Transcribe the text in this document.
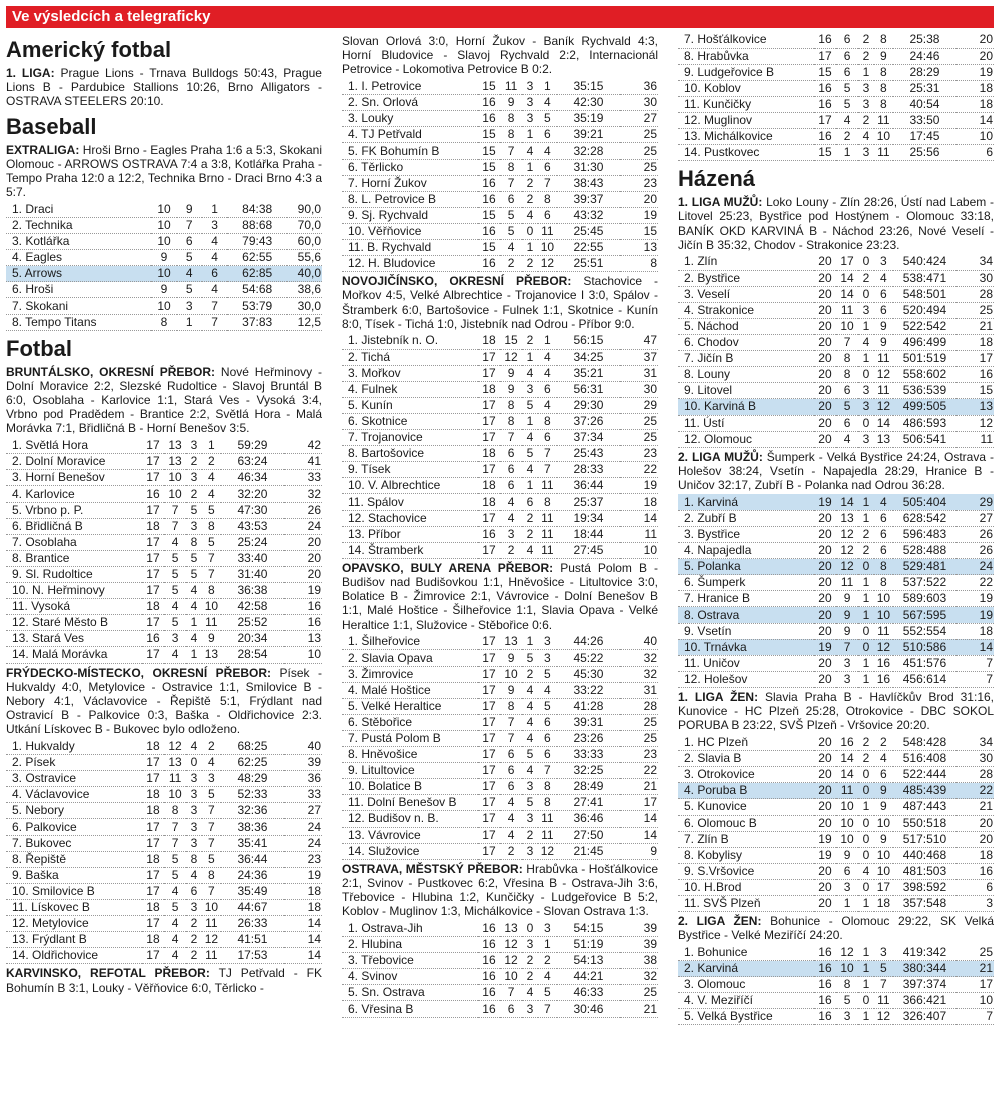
Ve výsledcích a telegraficky
Americký fotbal
1. LIGA: Prague Lions - Trnava Bulldogs 50:43, Prague Lions B - Pardubice Stallions 10:26, Brno Alligators - OSTRAVA STEELERS 20:10.
Baseball
EXTRALIGA: Hroši Brno - Eagles Praha 1:6 a 5:3, Skokani Olomouc - ARROWS OSTRAVA 7:4 a 3:8, Kotlářka Praha - Tempo Praha 12:0 a 12:2, Technika Brno - Draci Brno 4:3 a 5:7.
1. Draci	10	9	1	84:38	90,0
2. Technika	10	7	3	88:68	70,0
3. Kotlářka	10	6	4	79:43	60,0
4. Eagles	9	5	4	62:55	55,6
5. Arrows	10	4	6	62:85	40,0
6. Hroši	9	5	4	54:68	38,6
7. Skokani	10	3	7	53:79	30,0
8. Tempo Titans	8	1	7	37:83	12,5
Fotbal
BRUNTÁLSKO, OKRESNÍ PŘEBOR: Nové Heřminovy - Dolní Moravice 2:2, Slezské Rudoltice - Slavoj Bruntál B 6:0, Osoblaha - Karlovice 1:1, Stará Ves - Vysoká 3:4, Vrbno pod Pradědem - Brantice 2:2, Světlá Hora - Malá Morávka 7:1, Břidličná B - Horní Benešov 3:5.
1. Světlá Hora	17	13	3	1	59:29	42
2. Dolní Moravice	17	13	2	2	63:24	41
3. Horní Benešov	17	10	3	4	46:34	33
4. Karlovice	16	10	2	4	32:20	32
5. Vrbno p. P.	17	7	5	5	47:30	26
6. Břidličná B	18	7	3	8	43:53	24
7. Osoblaha	17	4	8	5	25:24	20
8. Brantice	17	5	5	7	33:40	20
9. Sl. Rudoltice	17	5	5	7	31:40	20
10. N. Heřminovy	17	5	4	8	36:38	19
11. Vysoká	18	4	4	10	42:58	16
12. Staré Město B	17	5	1	11	25:52	16
13. Stará Ves	16	3	4	9	20:34	13
14. Malá Morávka	17	4	1	13	28:54	10
FRÝDECKO-MÍSTECKO, OKRESNÍ PŘEBOR: Písek - Hukvaldy 4:0, Metylovice - Ostravice 1:1, Smilovice B - Nebory 4:1, Václavovice - Řepiště 5:1, Frýdlant nad Ostravicí B - Palkovice 0:3, Baška - Oldřichovice 2:3. Utkání Lískovec B - Bukovec bylo odloženo.
1. Hukvaldy	18	12	4	2	68:25	40
2. Písek	17	13	0	4	62:25	39
3. Ostravice	17	11	3	3	48:29	36
4. Václavovice	18	10	3	5	52:33	33
5. Nebory	18	8	3	7	32:36	27
6. Palkovice	17	7	3	7	38:36	24
7. Bukovec	17	7	3	7	35:41	24
8. Řepiště	18	5	8	5	36:44	23
9. Baška	17	5	4	8	24:36	19
10. Smilovice B	17	4	6	7	35:49	18
11. Lískovec B	18	5	3	10	44:67	18
12. Metylovice	17	4	2	11	26:33	14
13. Frýdlant B	18	4	2	12	41:51	14
14. Oldřichovice	17	4	2	11	17:53	14
KARVINSKO, REFOTAL PŘEBOR: TJ Petřvald - FK Bohumín B 3:1, Louky - Věřňovice 6:0, Těrlicko -
Slovan Orlová 3:0, Horní Žukov - Baník Rychvald 4:3, Horní Bludovice - Slavoj Rychvald 2:2, Internacionál Petrovice - Lokomotiva Petrovice B 0:2.
1. I. Petrovice	15	11	3	1	35:15	36
2. Sn. Orlová	16	9	3	4	42:30	30
3. Louky	16	8	3	5	35:19	27
4. TJ Petřvald	15	8	1	6	39:21	25
5. FK Bohumín B	15	7	4	4	32:28	25
6. Těrlicko	15	8	1	6	31:30	25
7. Horní Žukov	16	7	2	7	38:43	23
8. L. Petrovice B	16	6	2	8	39:37	20
9. Sj. Rychvald	15	5	4	6	43:32	19
10. Věřňovice	16	5	0	11	25:45	15
11. B. Rychvald	15	4	1	10	22:55	13
12. H. Bludovice	16	2	2	12	25:51	8
NOVOJIČÍNSKO, OKRESNÍ PŘEBOR: Stachovice - Mořkov 4:5, Velké Albrechtice - Trojanovice I 3:0, Spálov - Štramberk 6:0, Bartošovice - Fulnek 1:1, Skotnice - Kunín 8:0, Tísek - Tichá 1:0, Jistebník nad Odrou - Příbor 9:0.
1. Jistebník n. O.	18	15	2	1	56:15	47
2. Tichá	17	12	1	4	34:25	37
3. Mořkov	17	9	4	4	35:21	31
4. Fulnek	18	9	3	6	56:31	30
5. Kunín	17	8	5	4	29:30	29
6. Skotnice	17	8	1	8	37:26	25
7. Trojanovice	17	7	4	6	37:34	25
8. Bartošovice	18	6	5	7	25:43	23
9. Tísek	17	6	4	7	28:33	22
10. V. Albrechtice	18	6	1	11	36:44	19
11. Spálov	18	4	6	8	25:37	18
12. Stachovice	17	4	2	11	19:34	14
13. Příbor	16	3	2	11	18:44	11
14. Štramberk	17	2	4	11	27:45	10
OPAVSKO, BULY ARENA PŘEBOR: Pustá Polom B - Budišov nad Budišovkou 1:1, Hněvošice - Litultovice 3:0, Bolatice B - Žimrovice 2:1, Vávrovice - Dolní Benešov B 1:1, Malé Hoštice - Šilheřovice 1:1, Slavia Opava - Velké Heraltice 1:1, Služovice - Stěbořice 0:6.
1. Šilheřovice	17	13	1	3	44:26	40
2. Slavia Opava	17	9	5	3	45:22	32
3. Žimrovice	17	10	2	5	45:30	32
4. Malé Hoštice	17	9	4	4	33:22	31
5. Velké Heraltice	17	8	4	5	41:28	28
6. Stěbořice	17	7	4	6	39:31	25
7. Pustá Polom B	17	7	4	6	23:26	25
8. Hněvošice	17	6	5	6	33:33	23
9. Litultovice	17	6	4	7	32:25	22
10. Bolatice B	17	6	3	8	28:49	21
11. Dolní Benešov B	17	4	5	8	27:41	17
12. Budišov n. B.	17	4	3	11	36:46	14
13. Vávrovice	17	4	2	11	27:50	14
14. Služovice	17	2	3	12	21:45	9
OSTRAVA, MĚSTSKÝ PŘEBOR: Hrabůvka - Hošťálkovice 2:1, Svinov - Pustkovec 6:2, Vřesina B - Ostrava-Jih 3:6, Třebovice - Hlubina 1:2, Kunčičky - Ludgeřovice B 5:2, Koblov - Muglinov 1:3, Michálkovice - Slovan Ostrava 1:3.
1. Ostrava-Jih	16	13	0	3	54:15	39
2. Hlubina	16	12	3	1	51:19	39
3. Třebovice	16	12	2	2	54:13	38
4. Svinov	16	10	2	4	44:21	32
5. Sn. Ostrava	16	7	4	5	46:33	25
6. Vřesina B	16	6	3	7	30:46	21
7. Hošťálkovice	16	6	2	8	25:38	20
8. Hrabůvka	17	6	2	9	24:46	20
9. Ludgeřovice B	15	6	1	8	28:29	19
10. Koblov	16	5	3	8	25:31	18
11. Kunčičky	16	5	3	8	40:54	18
12. Muglinov	17	4	2	11	33:50	14
13. Michálkovice	16	2	4	10	17:45	10
14. Pustkovec	15	1	3	11	25:56	6
Házená
1. LIGA MUŽŮ: Loko Louny - Zlín 28:26, Ústí nad Labem - Litovel 25:23, Bystřice pod Hostýnem - Olomouc 33:18, BANÍK OKD KARVINÁ B - Náchod 23:26, Nové Veselí - Jičín B 35:32, Chodov - Strakonice 23:23.
1. Zlín	20	17	0	3	540:424	34
2. Bystřice	20	14	2	4	538:471	30
3. Veselí	20	14	0	6	548:501	28
4. Strakonice	20	11	3	6	520:494	25
5. Náchod	20	10	1	9	522:542	21
6. Chodov	20	7	4	9	496:499	18
7. Jičín B	20	8	1	11	501:519	17
8. Louny	20	8	0	12	558:602	16
9. Litovel	20	6	3	11	536:539	15
10. Karviná B	20	5	3	12	499:505	13
11. Ústí	20	6	0	14	486:593	12
12. Olomouc	20	4	3	13	506:541	11
2. LIGA MUŽŮ: Šumperk - Velká Bystřice 24:24, Ostrava - Holešov 38:24, Vsetín - Napajedla 28:29, Hranice B - Uničov 32:17, Zubří B - Polanka nad Odrou 36:28.
1. Karviná	19	14	1	4	505:404	29
2. Zubří B	20	13	1	6	628:542	27
3. Bystřice	20	12	2	6	596:483	26
4. Napajedla	20	12	2	6	528:488	26
5. Polanka	20	12	0	8	529:481	24
6. Šumperk	20	11	1	8	537:522	22
7. Hranice B	20	9	1	10	589:603	19
8. Ostrava	20	9	1	10	567:595	19
9. Vsetín	20	9	0	11	552:554	18
10. Trnávka	19	7	0	12	510:586	14
11. Uničov	20	3	1	16	451:576	7
12. Holešov	20	3	1	16	456:614	7
1. LIGA ŽEN: Slavia Praha B - Havlíčkův Brod 31:16, Kunovice - HC Plzeň 25:28, Otrokovice - DBC SOKOL PORUBA B 23:22, SVŠ Plzeň - Vršovice 20:20.
1. HC Plzeň	20	16	2	2	548:428	34
2. Slavia B	20	14	2	4	516:408	30
3. Otrokovice	20	14	0	6	522:444	28
4. Poruba B	20	11	0	9	485:439	22
5. Kunovice	20	10	1	9	487:443	21
6. Olomouc B	20	10	0	10	550:518	20
7. Zlín B	19	10	0	9	517:510	20
8. Kobylisy	19	9	0	10	440:468	18
9. S.Vršovice	20	6	4	10	481:503	16
10. H.Brod	20	3	0	17	398:592	6
11. SVŠ Plzeň	20	1	1	18	357:548	3
2. LIGA ŽEN: Bohunice - Olomouc 29:22, SK Velká Bystřice - Velké Meziříčí 24:20.
1. Bohunice	16	12	1	3	419:342	25
2. Karviná	16	10	1	5	380:344	21
3. Olomouc	16	8	1	7	397:374	17
4. V. Meziříčí	16	5	0	11	366:421	10
5. Velká Bystřice	16	3	1	12	326:407	7
